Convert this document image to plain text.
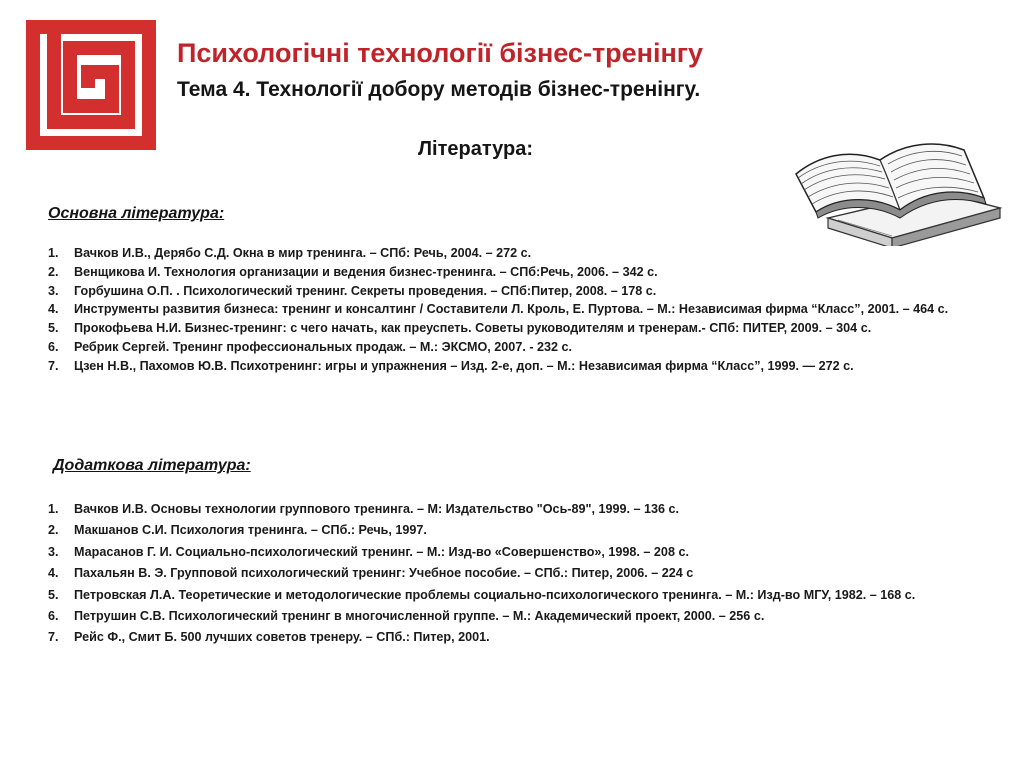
Психологічні технології бізнес-тренінгу
Тема 4. Технології добору методів бізнес-тренінгу.
Література:
Основна література:
1. Вачков И.В., Дерябо С.Д. Окна в мир тренинга. – СПб: Речь, 2004. – 272 с.
2. Венщикова И. Технология организации и ведения бизнес-тренинга. – СПб:Речь, 2006. – 342 с.
3. Горбушина О.П. . Психологический тренинг. Секреты проведения. – СПб:Питер, 2008. – 178 с.
4. Инструменты развития бизнеса: тренинг и консалтинг / Составители Л. Кроль, Е. Пуртова. – М.: Независимая фирма “Класс”, 2001. – 464 с.
5. Прокофьева Н.И. Бизнес-тренинг: с чего начать, как преуспеть. Советы руководителям и тренерам.- СПб: ПИТЕР, 2009. – 304 с.
6. Ребрик Сергей. Тренинг профессиональных продаж. – М.: ЭКСМО, 2007. - 232 с.
7. Цзен Н.В., Пахомов Ю.В. Психотренинг: игры и упражнения – Изд. 2-е, доп. – М.: Независимая фирма “Класс”, 1999. — 272 с.
Додаткова література:
1. Вачков И.В. Основы технологии группового тренинга. – М: Издательство "Ось-89", 1999. – 136 с.
2. Макшанов С.И. Психология тренинга. – СПб.: Речь, 1997.
3. Марасанов Г. И. Социально-психологический тренинг. – М.: Изд-во «Совершенство», 1998. – 208 с.
4. Пахальян В. Э. Групповой психологический тренинг: Учебное пособие. – СПб.: Питер, 2006. – 224 с
5. Петровская Л.А. Теоретические и методологические проблемы социально-психологического тренинга. – М.: Изд-во МГУ, 1982. – 168 с.
6. Петрушин С.В. Психологический тренинг в многочисленной группе. – М.: Академический проект, 2000. – 256 с.
7. Рейс Ф., Смит Б. 500 лучших советов тренеру. – СПб.: Питер, 2001.
